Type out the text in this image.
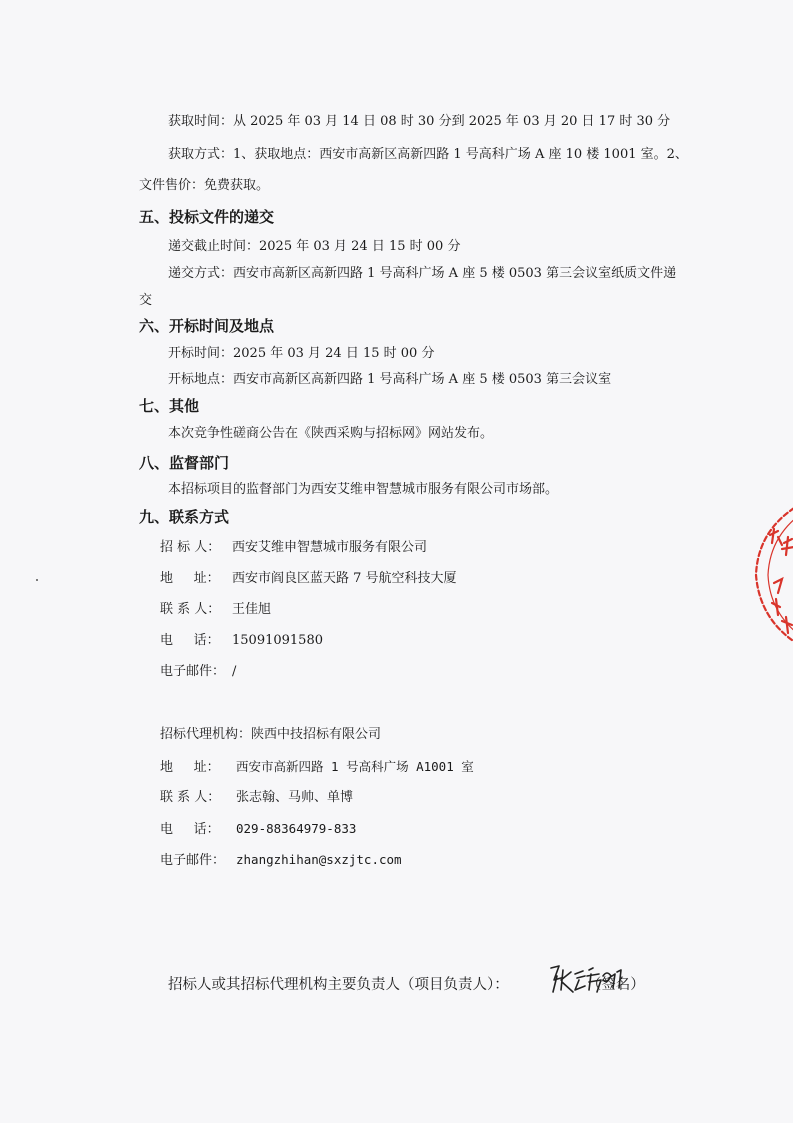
获取时间：从 2025 年 03 月 14 日 08 时 30 分到 2025 年 03 月 20 日 17 时 30 分
获取方式：1、获取地点：西安市高新区高新四路 1 号高科广场 A 座 10 楼 1001 室。2、
文件售价：免费获取。
五、投标文件的递交
递交截止时间：2025 年 03 月 24 日 15 时 00 分
递交方式：西安市高新区高新四路 1 号高科广场 A 座 5 楼 0503 第三会议室纸质文件递
交
六、开标时间及地点
开标时间：2025 年 03 月 24 日 15 时 00 分
开标地点：西安市高新区高新四路 1 号高科广场 A 座 5 楼 0503 第三会议室
七、其他
本次竞争性磋商公告在《陕西采购与招标网》网站发布。
八、监督部门
本招标项目的监督部门为西安艾维申智慧城市服务有限公司市场部。
九、联系方式
招 标 人： 西安艾维申智慧城市服务有限公司
地     址： 西安市阎良区蓝天路 7 号航空科技大厦
联 系 人： 王佳旭
电     话： 15091091580
电子邮件： /
招标代理机构：陕西中技招标有限公司
地     址： 西安市高新四路 1 号高科广场 A1001 室
联 系 人： 张志翰、马帅、单博
电     话： 029-88364979-833
电子邮件： zhangzhihan@sxzjtc.com
招标人或其招标代理机构主要负责人（项目负责人）：	（签名）
